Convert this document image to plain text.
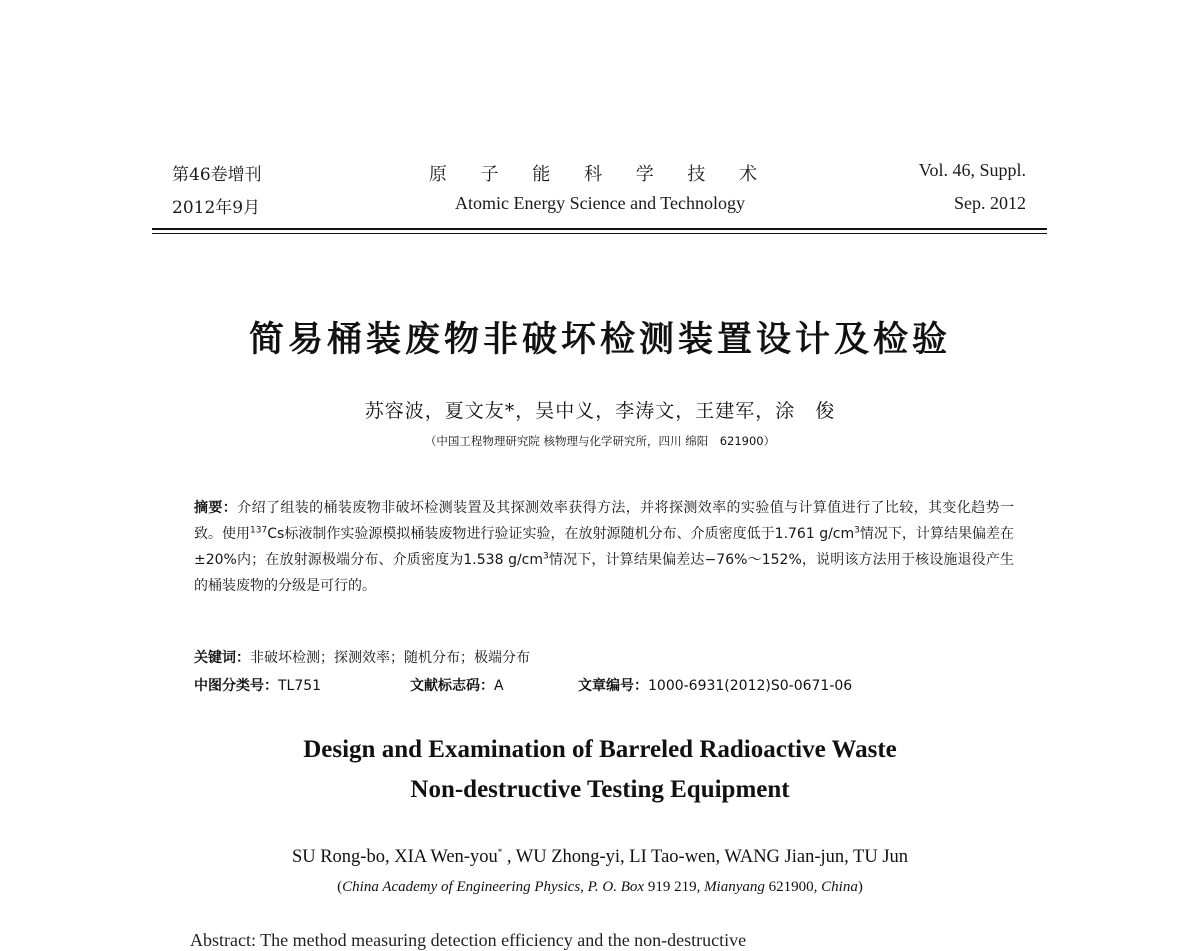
第46卷增刊
2012年9月
原 子 能 科 学 技 术
Atomic Energy Science and Technology
Vol. 46, Suppl.
Sep. 2012
简易桶装废物非破坏检测装置设计及检验
苏容波，夏文友*，吴中义，李涛文，王建军，涂　俊
（中国工程物理研究院 核物理与化学研究所，四川 绵阳　621900）
摘要：介绍了组装的桶装废物非破坏检测装置及其探测效率获得方法，并将探测效率的实验值与计算值进行了比较，其变化趋势一致。使用$^{137}$Cs标液制作实验源模拟桶装废物进行验证实验，在放射源随机分布、介质密度低于1.761 $g/cm^3$情况下，计算结果偏差在±20%内；在放射源极端分布、介质密度为1.538 $g/cm^3$情况下，计算结果偏差达−76%～152%，说明该方法用于核设施退役产生的桶装废物的分级是可行的。
关键词：非破坏检测；探测效率；随机分布；极端分布
中图分类号：TL751	文献标志码：A	文章编号：1000-6931(2012)S0-0671-06
Design and Examination of Barreled Radioactive Waste
Non-destructive Testing Equipment
SU Rong-bo, XIA Wen-you* , WU Zhong-yi, LI Tao-wen, WANG Jian-jun, TU Jun
(China Academy of Engineering Physics, P. O. Box 919 219, Mianyang 621900, China)
Abstract: The method measuring detection efficiency and the non-destructive
